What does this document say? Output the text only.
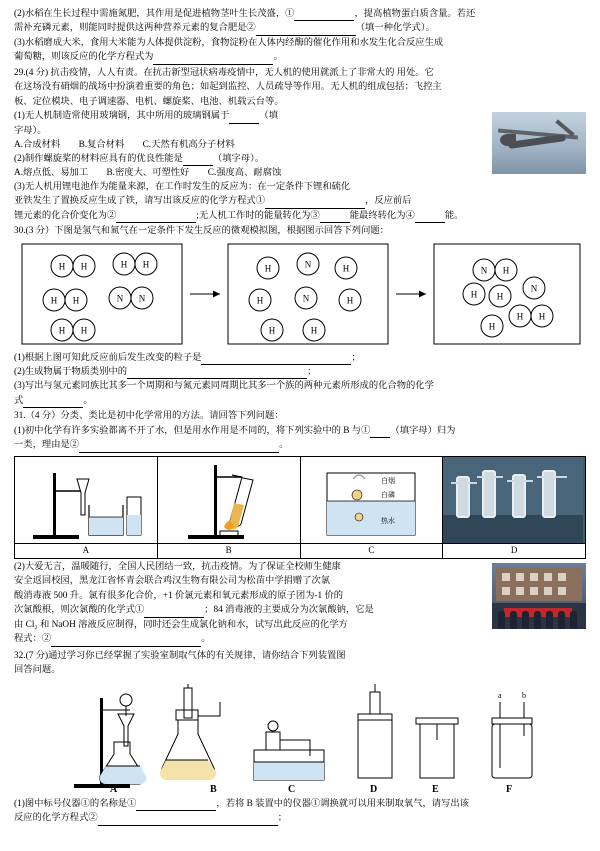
(2)水稻在生长过程中需施氮肥，其作用是促进植物茎叶生长茂盛，①	，提高植物蛋白质含量。若还

需补充磷元素，则能同时提供这两种营养元素的复合肥是②	（填一种化学式）。

(3)水稻磨成大米，食用大米能为人体提供淀粉，食物淀粉在人体内经酶的催化作用和水发生化合反应生成

葡萄糖，则该反应的化学方程式为	。

29.(4 分) 抗击疫情，人人有责。在抗击新型冠状病毒疫情中，无人机的使用就派上了非常大的 用处。它

在这场没有硝烟的战场中扮演着重要的角色；如起到监控、人员疏导等作用。无人机的组成包括：飞控主

板、定位模块、电子调速器、电机、螺旋桨、电池、机载云台等。

(1)无人机制造常使用玻璃钢，其中所用的玻璃钢属于	（填

字母）。

A.合成材料 B.复合材料 C.天然有机高分子材料

(2)制作螺旋桨的材料应具有的优良性能是	（填字母）。

A.熔点低、易加工 B.密度大、可塑性好 C.强度高、耐腐蚀

(3)无人机用锂电池作为能量来源，在工作时发生的反应为：在一定条件下锂和硫化

亚铁发生了置换反应生成了铁，请写出该反应的化学方程式①	，反应前后

锂元素的化合价变化为②	;无人机工作时的能量转化为③	能最终转化为④	能。

30.(3 分）下图是氢气和氮气在一定条件下发生反应的微观模拟图，根据图示回答下列问题：

H H	H H
H H	N N
H H
H	N	H
H	N	H
H	H
N H
H H
N
H H
H

(1)根据上图可知此反应前后发生改变的粒子是	；

(2)生成物属于物质类别中的	；

(3)写出与氢元素同族比其多一个周期和与氮元素同周期比其多一个族的两种元素所形成的化合物的化学

式	。

31.（4 分）分类、类比是初中化学常用的方法。请回答下列问题：

(1)初中化学有许多实验都离不开了水，但是用水作用是不同的，将下列实验中的 B 与① （填字母）归为

一类，理由是②	。

白烟
白磷
热水

A	B	C	D

(2)大爱无言，温暖随行，全国人民团结一致，抗击疫情。为了保证全校师生健康

安全返回校园，黑龙江省怀青会联合鸡汉生物有限公司为松苗中学捐赠了次氯

酸消毒液 500 升。氯有很多化合价，+1 价氯元素和氧元素形成的原子团为-1 价的

次氯酸根，则次氯酸的化学式①	；84 消毒液的主要成分为次氯酸钠，它是

由 Cl₂ 和 NaOH 溶液反应制得，同时还会生成氯化钠和水，试写出此反应的化学方

程式：②	。

32.(7 分)通过学习你已经掌握了实验室制取气体的有关规律，请你结合下列装置图

回答问题。

a	b
A	B	C	D	E	F

(1)图中标号仪器①的名称是①	，若将 B 装置中的仪器①调换就可以用来制取氧气，请写出该

反应的化学方程式②	；
